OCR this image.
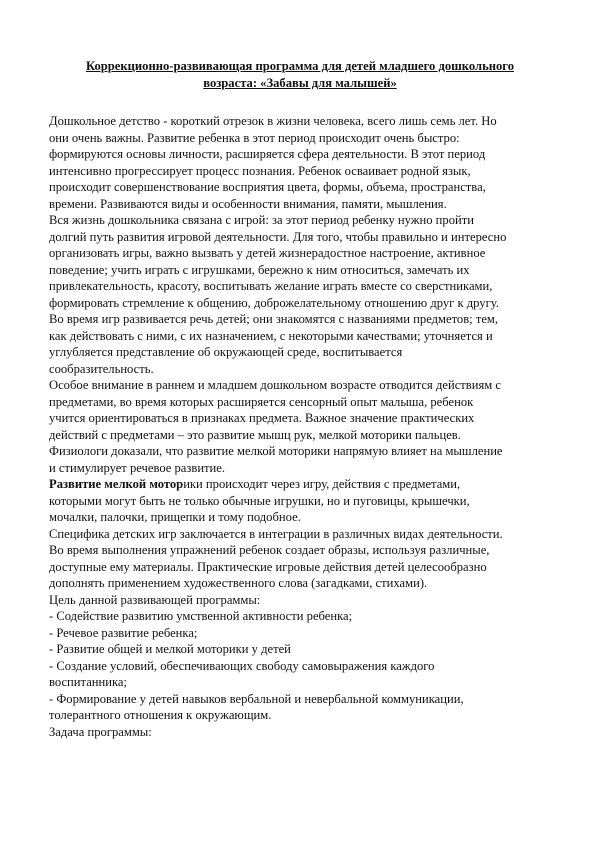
Коррекционно-развивающая программа для детей младшего дошкольного
возраста: «Забавы для малышей»
Дошкольное детство - короткий отрезок в жизни человека, всего лишь семь лет. Но
они очень важны. Развитие ребенка в этот период происходит очень быстро:
формируются основы личности, расширяется сфера деятельности. В этот период
интенсивно прогрессирует процесс познания. Ребенок осваивает родной язык,
происходит совершенствование восприятия цвета, формы, объема, пространства,
времени. Развиваются виды и особенности внимания, памяти, мышления.
Вся жизнь дошкольника связана с игрой: за этот период ребенку нужно пройти
долгий путь развития игровой деятельности. Для того, чтобы правильно и интересно
организовать игры, важно вызвать у детей жизнерадостное настроение, активное
поведение; учить играть с игрушками, бережно к ним относиться, замечать их
привлекательность, красоту, воспитывать желание играть вместе со сверстниками,
формировать стремление к общению, доброжелательному отношению друг к другу.
Во время игр развивается речь детей; они знакомятся с названиями предметов; тем,
как действовать с ними, с их назначением, с некоторыми качествами; уточняется и
углубляется представление об окружающей среде, воспитывается
сообразительность.
Особое внимание в раннем и младшем дошкольном возрасте отводится действиям с
предметами, во время которых расширяется сенсорный опыт малыша, ребенок
учится ориентироваться в признаках предмета. Важное значение практических
действий с предметами – это развитие мышц рук, мелкой моторики пальцев.
Физиологи доказали, что развитие мелкой моторики напрямую влияет на мышление
и стимулирует речевое развитие.
Развитие мелкой моторики происходит через игру, действия с предметами,
которыми могут быть не только обычные игрушки, но и пуговицы, крышечки,
мочалки, палочки, прищепки и тому подобное.
Специфика детских игр заключается в интеграции в различных видах деятельности.
Во время выполнения упражнений ребенок создает образы, используя различные,
доступные ему материалы. Практические игровые действия детей целесообразно
дополнять применением художественного слова (загадками, стихами).
Цель данной развивающей программы:
- Содействие развитию умственной активности ребенка;
- Речевое развитие ребенка;
- Развитие общей и мелкой моторики у детей
- Создание условий, обеспечивающих свободу самовыражения каждого
воспитанника;
- Формирование у детей навыков вербальной и невербальной коммуникации,
толерантного отношения к окружающим.
Задача программы:
